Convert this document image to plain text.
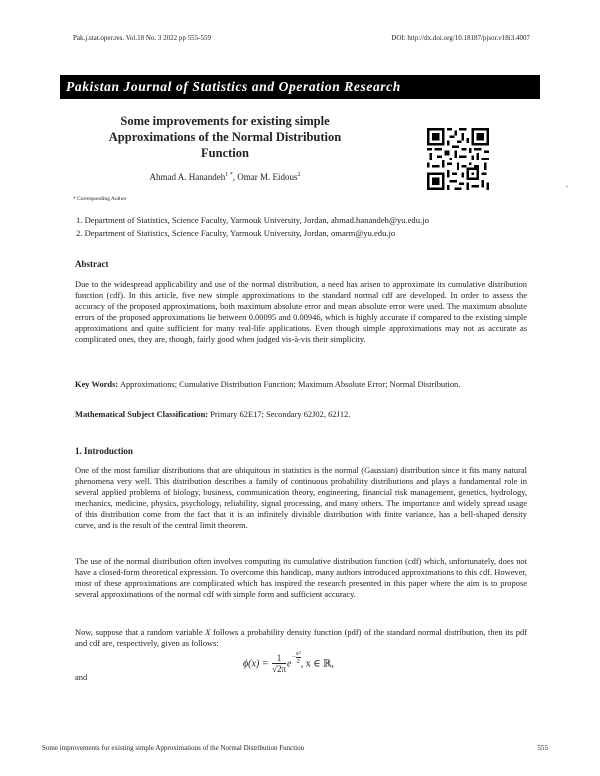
Pak.j.stat.oper.res. Vol.18 No. 3 2022 pp 555-559	DOI: http://dx.doi.org/10.18187/pjsor.v18i3.4007
Pakistan Journal of Statistics and Operation Research
Some improvements for existing simple Approximations of the Normal Distribution Function
Ahmad A. Hanandeh$^{1 *}$, Omar M. Eidous$^2$
.
* Corresponding Author
1. Department of Statistics, Science Faculty, Yarmouk University, Jordan, ahmad.hanandeh@yu.edu.jo
2. Department of Statistics, Science Faculty, Yarmouk University, Jordan, omarm@yu.edu.jo
Abstract
Due to the widespread applicability and use of the normal distribution, a need has arisen to approximate its cumulative distribution function (cdf). In this article, five new simple approximations to the standard normal cdf are developed. In order to assess the accuracy of the proposed approximations, both maximum absolute error and mean absolute error were used. The maximum absolute errors of the proposed approximations lie between 0.00095 and 0.00946, which is highly accurate if compared to the existing simple approximations and quite sufficient for many real-life applications. Even though simple approximations may not as accurate as complicated ones, they are, though, fairly good when judged vis-à-vis their simplicity.
Key Words: Approximations; Cumulative Distribution Function; Maximum Absolute Error; Normal Distribution.
Mathematical Subject Classification: Primary 62E17; Secondary 62J02, 62J12.
1. Introduction
One of the most familiar distributions that are ubiquitous in statistics is the normal (Gaussian) distribution since it fits many natural phenomena very well. This distribution describes a family of continuous probability distributions and plays a fundamental role in several applied problems of biology, business, communication theory, engineering, financial risk management, genetics, hydrology, mechanics, medicine, physics, psychology, reliability, signal processing, and many others. The importance and widely spread usage of this distribution come from the fact that it is an infinitely divisible distribution with finite variance, has a bell-shaped density curve, and is the result of the central limit theorem.
The use of the normal distribution often involves computing its cumulative distribution function (cdf) which, unfortunately, does not have a closed-form theoretical expression. To overcome this handicap, many authors introduced approximations to this cdf. However, most of these approximations are complicated which has inspired the research presented in this paper where the aim is to propose several approximations of the normal cdf with simple form and sufficient accuracy.
Now, suppose that a random variable X follows a probability density function (pdf) of the standard normal distribution, then its pdf and cdf are, respectively, given as follows:
$\phi(x) = \frac{1}{√2\pi} e^{- \frac{\text{x²}}{2}}$ , x ∈ ℝ,
and
Some improvements for existing simple Approximations of the Normal Distribution Function	555
